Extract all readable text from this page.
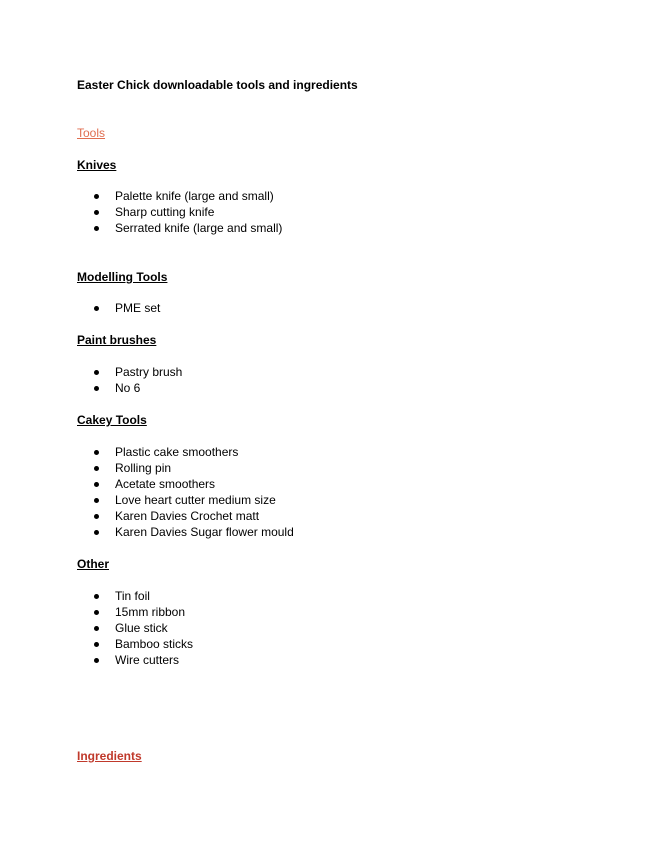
Easter Chick downloadable tools and ingredients
Tools
Knives
Palette knife (large and small)
Sharp cutting knife
Serrated knife (large and small)
Modelling Tools
PME set
Paint brushes
Pastry brush
No 6
Cakey Tools
Plastic cake smoothers
Rolling pin
Acetate smoothers
Love heart cutter medium size
Karen Davies Crochet matt
Karen Davies Sugar flower mould
Other
Tin foil
15mm ribbon
Glue stick
Bamboo sticks
Wire cutters
Ingredients
